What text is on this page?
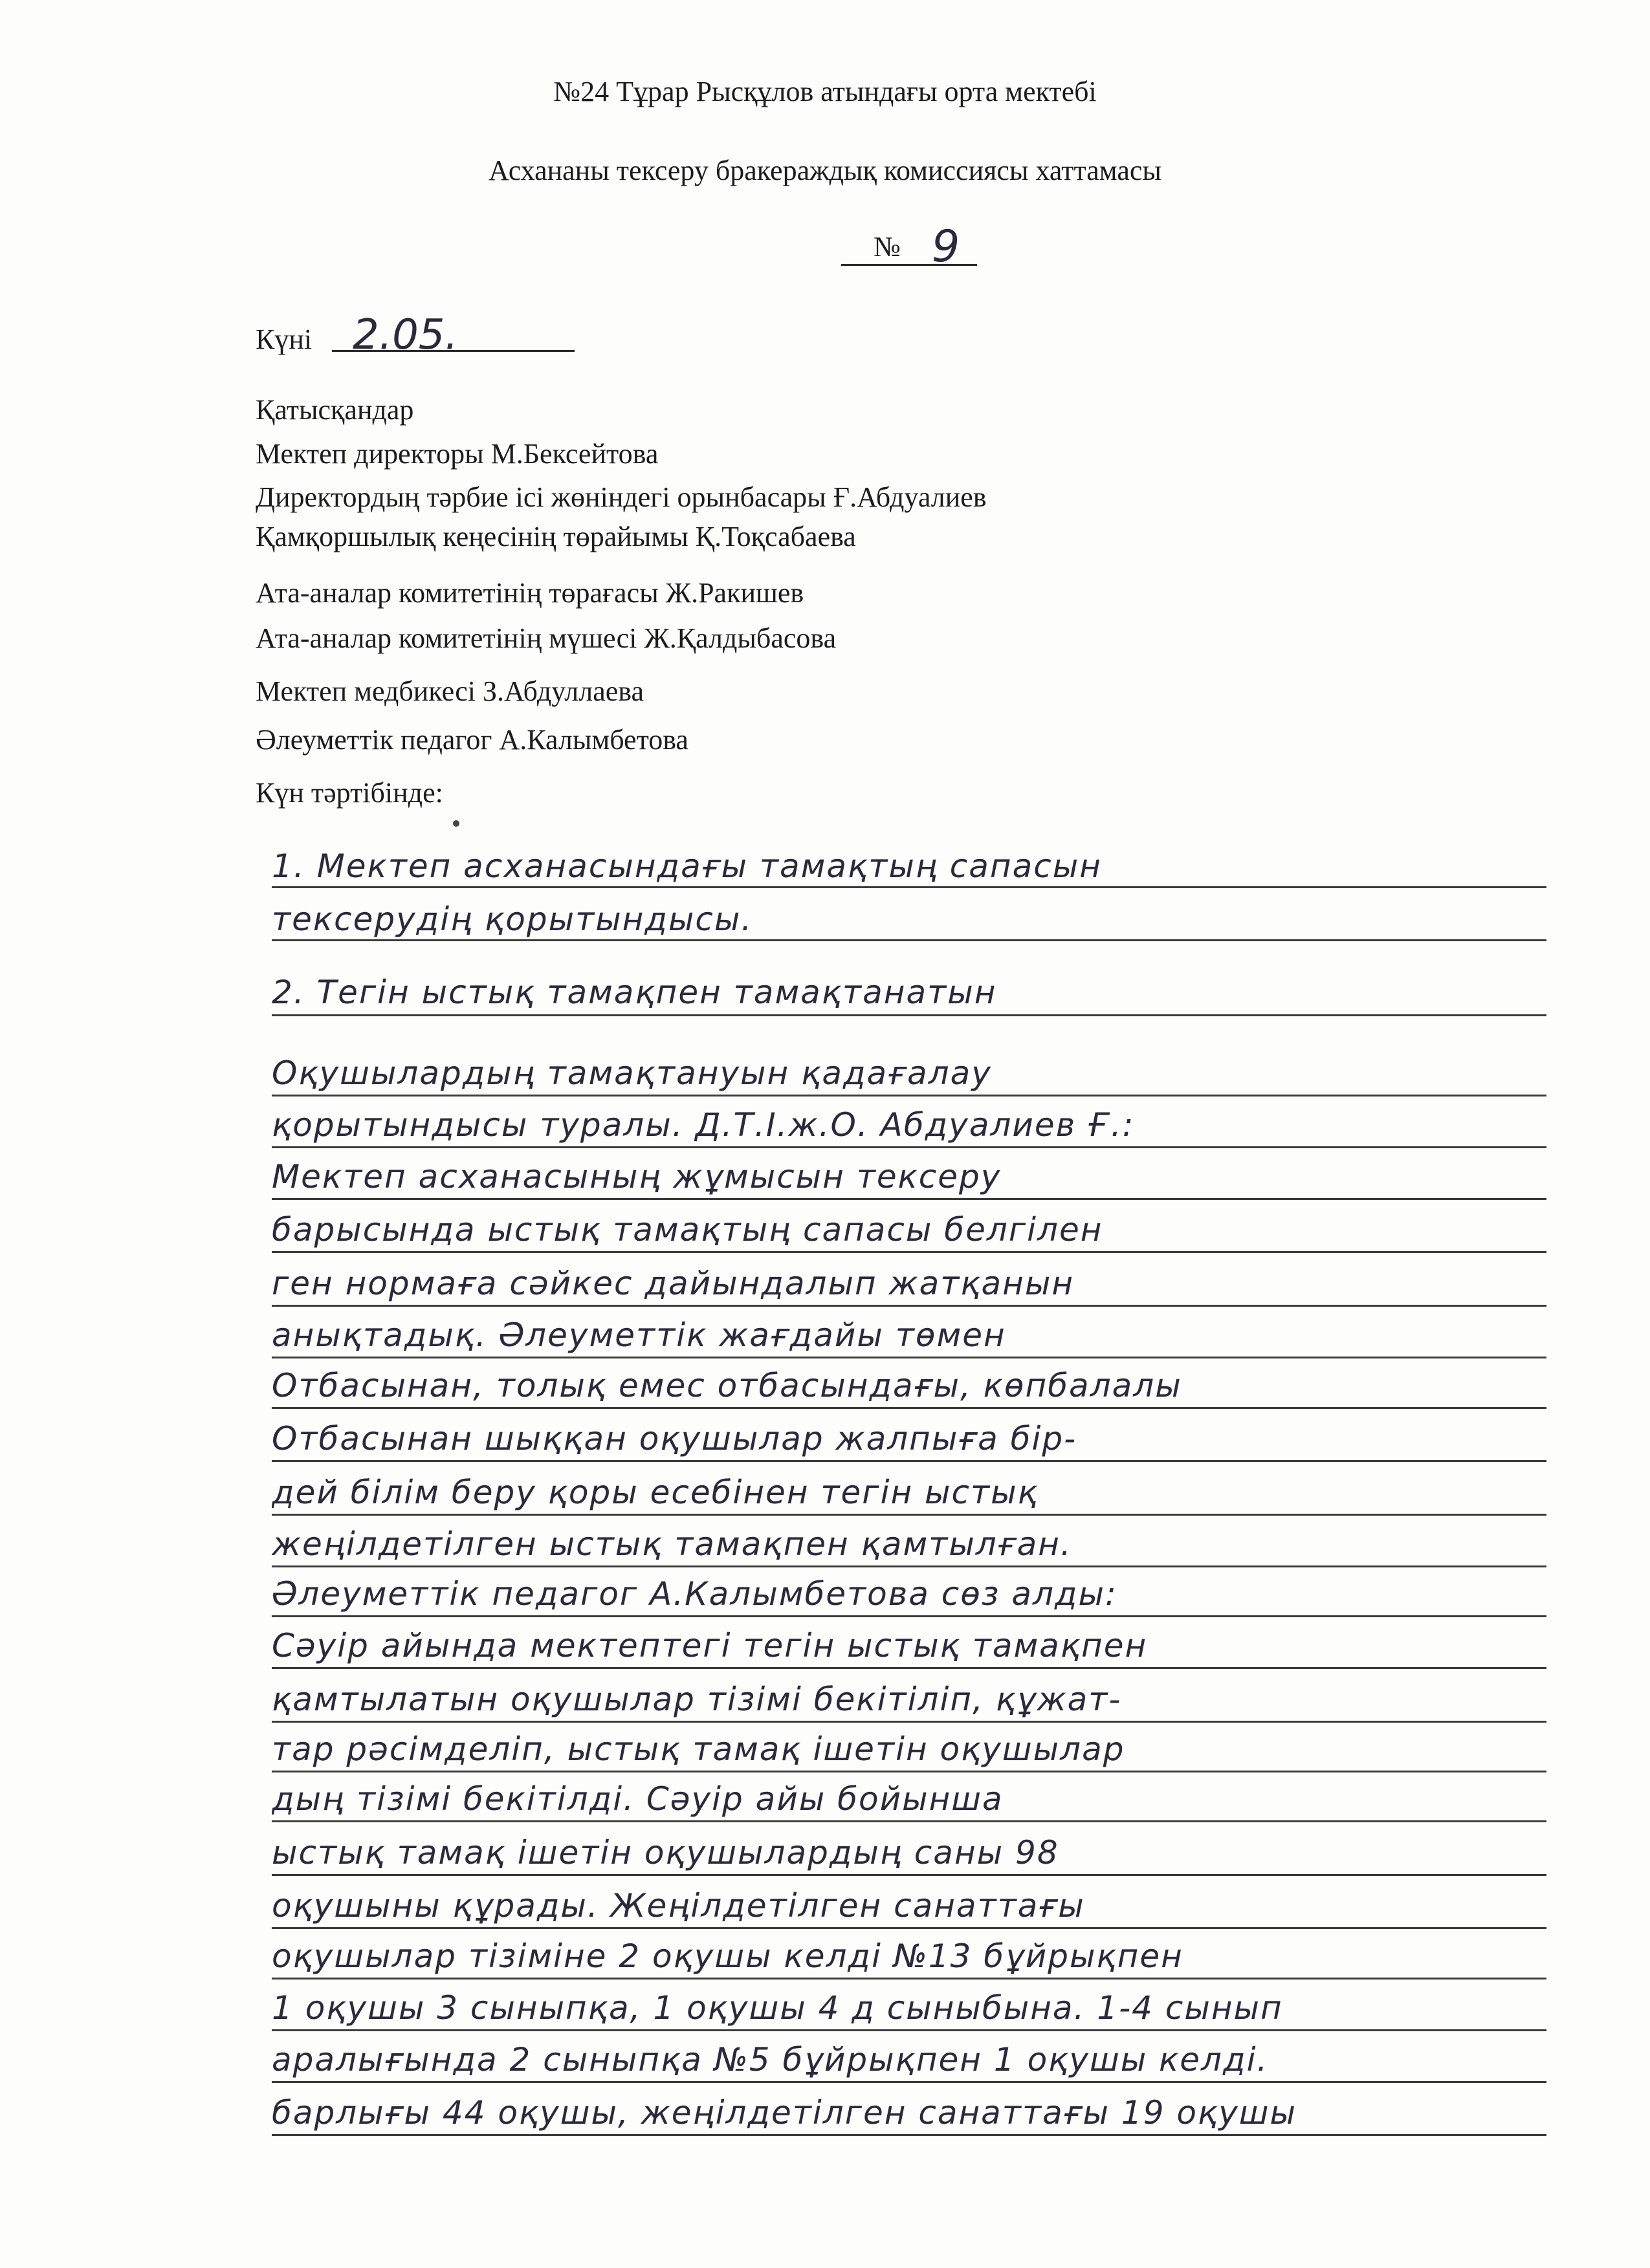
№24 Тұрар Рысқұлов атындағы орта мектебі
Асхананы тексеру бракераждық комиссиясы хаттамасы
№ 9
Күні 2.05.
Қатысқандар
Мектеп директоры М.Бексейтова
Директордың тәрбие ісі жөніндегі орынбасары Ғ.Абдуалиев
Қамқоршылық кеңесінің төрайымы Қ.Тоқсабаева
Ата-аналар комитетінің төрағасы Ж.Ракишев
Ата-аналар комитетінің мүшесі Ж.Қалдыбасова
Мектеп медбикесі З.Абдуллаева
Әлеуметтік педагог А.Калымбетова
Күн тәртібінде:
1. Мектеп асханасындағы тамақтың сапасын
тексерудің қорытындысы.
2. Тегін ыстық тамақпен тамақтанатын
Оқушылардың тамақтануын қадағалау
қорытындысы туралы. Д.Т.І.ж.О. Абдуалиев Ғ.:
Мектеп асханасының жұмысын тексеру
барысында ыстық тамақтың сапасы белгілен
ген нормаға сәйкес дайындалып жатқанын
анықтадық. Әлеуметтік жағдайы төмен
Отбасынан, толық емес отбасындағы, көпбалалы
Отбасынан шыққан оқушылар жалпыға бір-
дей білім беру қоры есебінен тегін ыстық
жеңілдетілген ыстық тамақпен қамтылған.
Әлеуметтік педагог А.Калымбетова сөз алды:
Сәуір айында мектептегі тегін ыстық тамақпен
қамтылатын оқушылар тізімі бекітіліп, құжат-
тар рәсімделіп, ыстық тамақ ішетін оқушылар
дың тізімі бекітілді. Сәуір айы бойынша
ыстық тамақ ішетін оқушылардың саны 98
оқушыны құрады. Жеңілдетілген санаттағы
оқушылар тізіміне 2 оқушы келді №13 бұйрықпен
1 оқушы 3 сыныпқа, 1 оқушы 4 д сыныбына. 1-4 сынып
аралығында 2 сыныпқа №5 бұйрықпен 1 оқушы келді.
барлығы 44 оқушы, жеңілдетілген санаттағы 19 оқушы
